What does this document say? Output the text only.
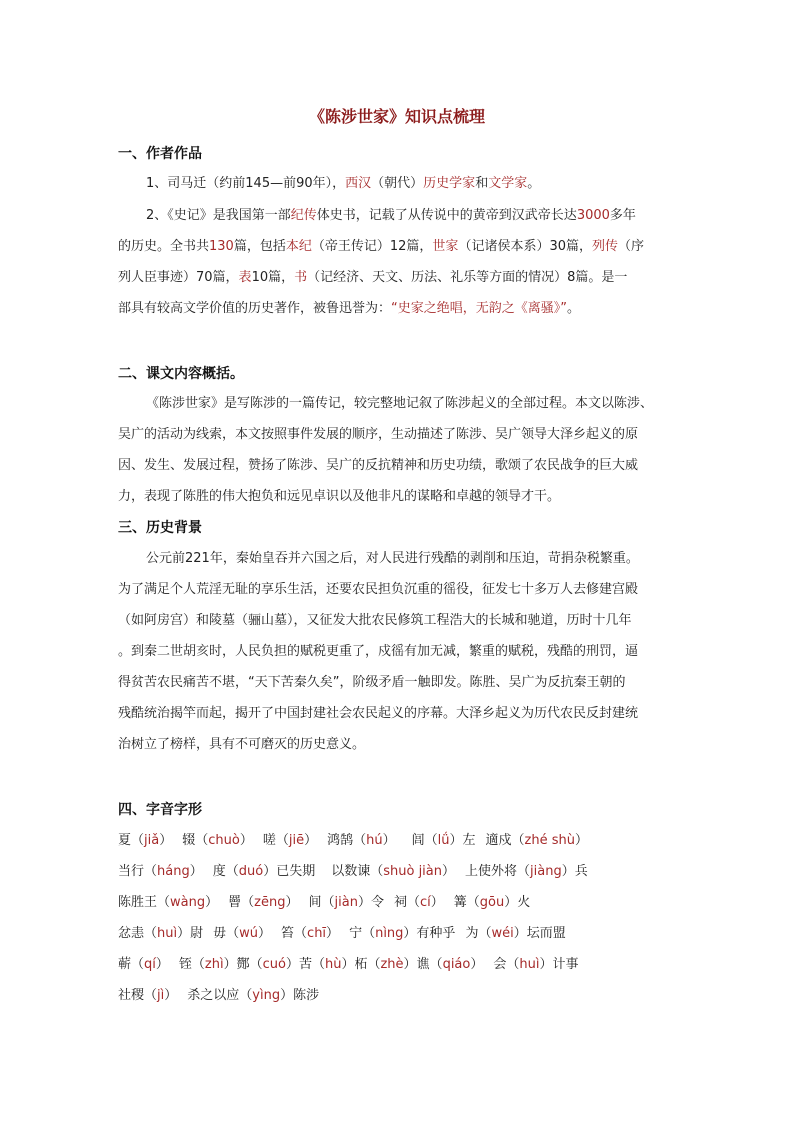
《陈涉世家》知识点梳理
一、作者作品
1、司马迁（约前145—前90年），西汉（朝代）历史学家和文学家。
2、《史记》是我国第一部纪传体史书，记载了从传说中的黄帝到汉武帝长达3000多年
的历史。全书共130篇，包括本纪（帝王传记）12篇，世家（记诸侯本系）30篇，列传（序
列人臣事迹）70篇，表10篇，书（记经济、天文、历法、礼乐等方面的情况）8篇。是一
部具有较高文学价值的历史著作，被鲁迅誉为：“史家之绝唱，无韵之《离骚》”。
二、课文内容概括。
《陈涉世家》是写陈涉的一篇传记，较完整地记叙了陈涉起义的全部过程。本文以陈涉、
吴广的活动为线索，本文按照事件发展的顺序，生动描述了陈涉、吴广领导大泽乡起义的原
因、发生、发展过程，赞扬了陈涉、吴广的反抗精神和历史功绩，歌颂了农民战争的巨大威
力，表现了陈胜的伟大抱负和远见卓识以及他非凡的谋略和卓越的领导才干。
三、历史背景
公元前221年，秦始皇吞并六国之后，对人民进行残酷的剥削和压迫，苛捐杂税繁重。
为了满足个人荒淫无耻的享乐生活，还要农民担负沉重的徭役，征发七十多万人去修建宫殿
（如阿房宫）和陵墓（骊山墓），又征发大批农民修筑工程浩大的长城和驰道，历时十几年
。到秦二世胡亥时，人民负担的赋税更重了，戍徭有加无减，繁重的赋税，残酷的刑罚，逼
得贫苦农民痛苦不堪，“天下苦秦久矣”，阶级矛盾一触即发。陈胜、吴广为反抗秦王朝的
残酷统治揭竿而起，揭开了中国封建社会农民起义的序幕。大泽乡起义为历代农民反封建统
治树立了榜样，具有不可磨灭的历史意义。
四、字音字形
夏（jiǎ） 辍（chuò） 嗟（jiē） 鸿鹄（hú） 闾（lǘ）左 適戍（zhé shù）
当行（háng） 度（duó）已失期 以数谏（shuò jiàn） 上使外将（jiàng）兵
陈胜王（wàng） 罾（zēng） 间（jiàn）令 祠（cí） 篝（gōu）火
忿恚（huì）尉 毋（wú） 笞（chī） 宁（nìng）有种乎 为（wéi）坛而盟
蕲（qí） 铚（zhì）酂（cuó）苦（hù）柘（zhè）谯（qiáo） 会（huì）计事
社稷（jì） 杀之以应（yìng）陈涉
